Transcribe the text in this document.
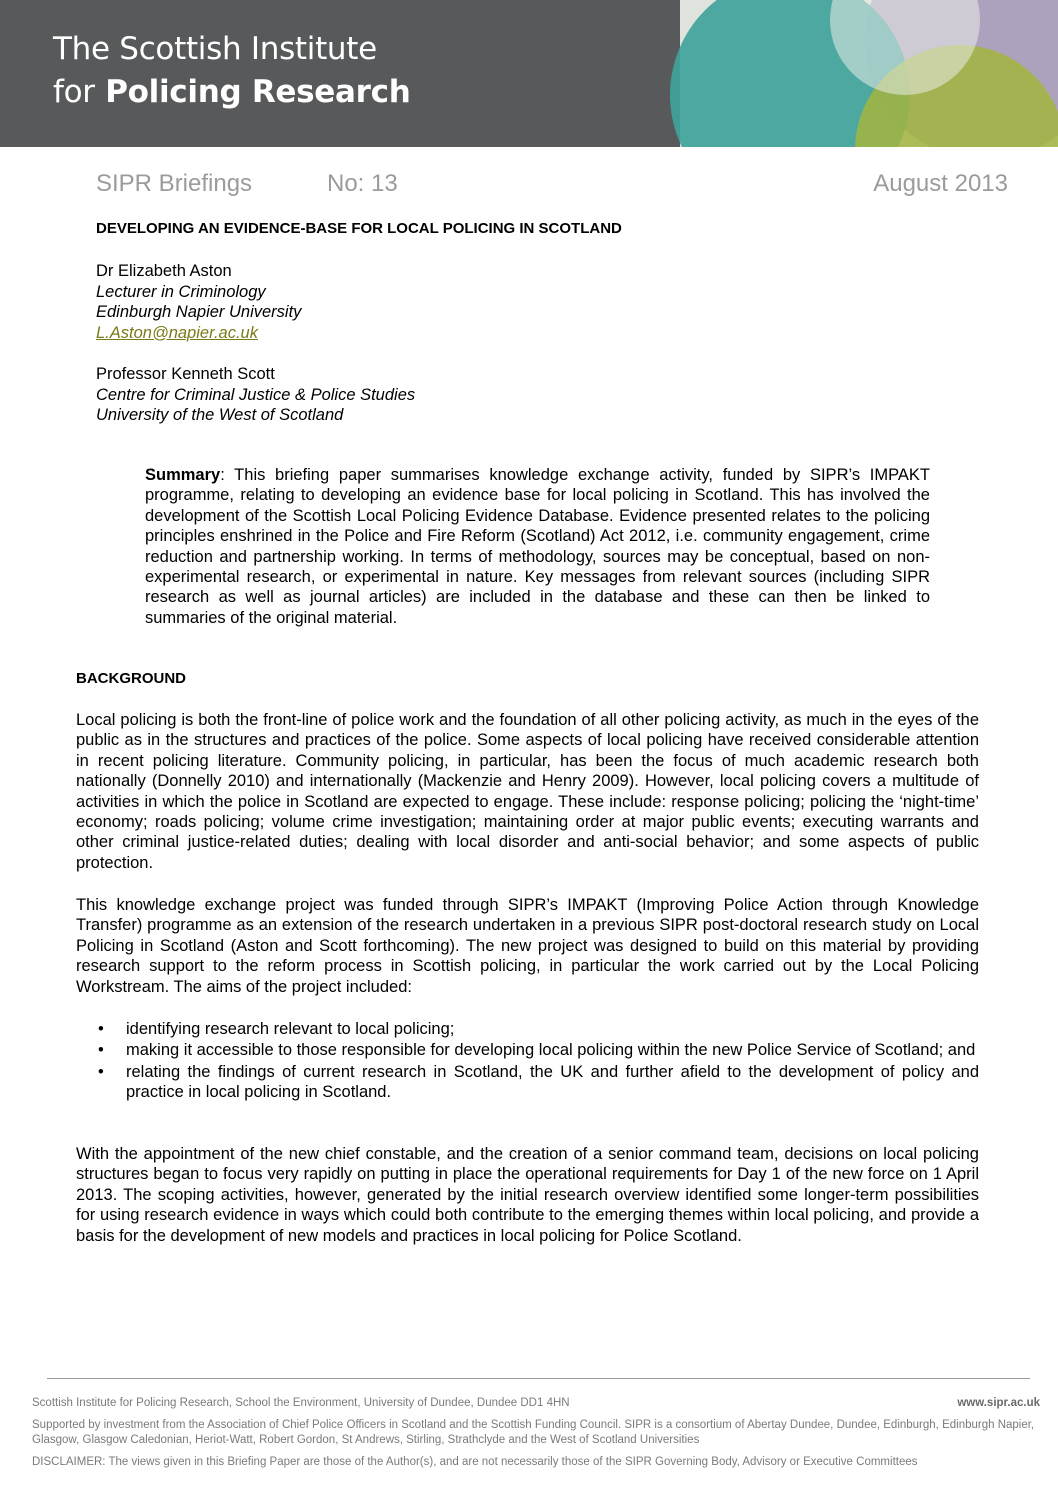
The Scottish Institute
for Policing Research
SIPR Briefings	No: 13	August 2013
DEVELOPING AN EVIDENCE-BASE FOR LOCAL POLICING IN SCOTLAND
Dr Elizabeth Aston
Lecturer in Criminology
Edinburgh Napier University
L.Aston@napier.ac.uk
Professor Kenneth Scott
Centre for Criminal Justice & Police Studies
University of the West of Scotland
Summary: This briefing paper summarises knowledge exchange activity, funded by SIPR’s IMPAKT programme, relating to developing an evidence base for local policing in Scotland. This has involved the development of the Scottish Local Policing Evidence Database. Evidence presented relates to the policing principles enshrined in the Police and Fire Reform (Scotland) Act 2012, i.e. community engagement, crime reduction and partnership working. In terms of methodology, sources may be conceptual, based on non-experimental research, or experimental in nature. Key messages from relevant sources (including SIPR research as well as journal articles) are included in the database and these can then be linked to summaries of the original material.
BACKGROUND

Local policing is both the front-line of police work and the foundation of all other policing activity, as much in the eyes of the public as in the structures and practices of the police. Some aspects of local policing have received considerable attention in recent policing literature. Community policing, in particular, has been the focus of much academic research both nationally (Donnelly 2010) and internationally (Mackenzie and Henry 2009). However, local policing covers a multitude of activities in which the police in Scotland are expected to engage. These include: response policing; policing the ‘night-time’ economy; roads policing; volume crime investigation; maintaining order at major public events; executing warrants and other criminal justice-related duties; dealing with local disorder and anti-social behavior; and some aspects of public protection.

This knowledge exchange project was funded through SIPR’s IMPAKT (Improving Police Action through Knowledge Transfer) programme as an extension of the research undertaken in a previous SIPR post-doctoral research study on Local Policing in Scotland (Aston and Scott forthcoming). The new project was designed to build on this material by providing research support to the reform process in Scottish policing, in particular the work carried out by the Local Policing Workstream. The aims of the project included:

• identifying research relevant to local policing;
• making it accessible to those responsible for developing local policing within the new Police Service of Scotland; and
• relating the findings of current research in Scotland, the UK and further afield to the development of policy and practice in local policing in Scotland.

With the appointment of the new chief constable, and the creation of a senior command team, decisions on local policing structures began to focus very rapidly on putting in place the operational requirements for Day 1 of the new force on 1 April 2013. The scoping activities, however, generated by the initial research overview identified some longer-term possibilities for using research evidence in ways which could both contribute to the emerging themes within local policing, and provide a basis for the development of new models and practices in local policing for Police Scotland.

Scottish Institute for Policing Research, School the Environment, University of Dundee, Dundee DD1 4HN	www.sipr.ac.uk
Supported by investment from the Association of Chief Police Officers in Scotland and the Scottish Funding Council. SIPR is a consortium of Abertay Dundee, Dundee, Edinburgh, Edinburgh Napier, Glasgow, Glasgow Caledonian, Heriot-Watt, Robert Gordon, St Andrews, Stirling, Strathclyde and the West of Scotland Universities
DISCLAIMER: The views given in this Briefing Paper are those of the Author(s), and are not necessarily those of the SIPR Governing Body, Advisory or Executive Committees
